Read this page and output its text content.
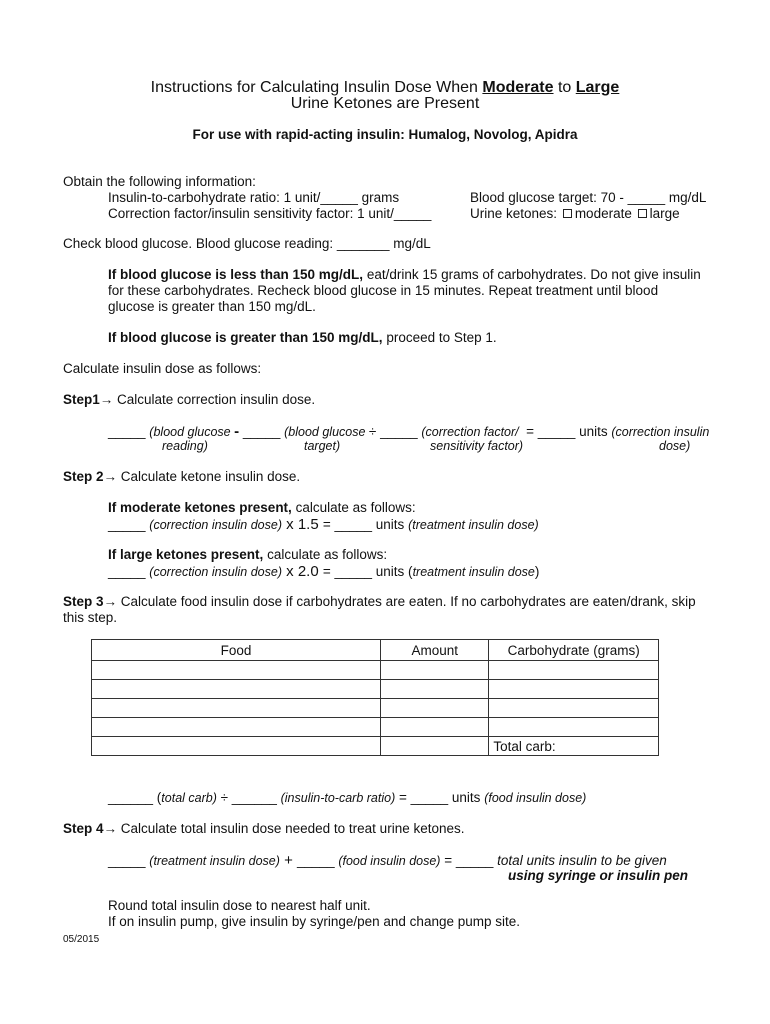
Instructions for Calculating Insulin Dose When Moderate to Large
Urine Ketones are Present
For use with rapid-acting insulin: Humalog, Novolog, Apidra
Obtain the following information:
Insulin-to-carbohydrate ratio: 1 unit/_____ grams
Correction factor/insulin sensitivity factor: 1 unit/_____
Blood glucose target: 70 - _____ mg/dL
Urine ketones: moderate large
Check blood glucose. Blood glucose reading: _______ mg/dL
If blood glucose is less than 150 mg/dL, eat/drink 15 grams of carbohydrates. Do not give insulin
for these carbohydrates. Recheck blood glucose in 15 minutes. Repeat treatment until blood
glucose is greater than 150 mg/dL.
If blood glucose is greater than 150 mg/dL, proceed to Step 1.
Calculate insulin dose as follows:
Step1→ Calculate correction insulin dose.
_____ (blood glucose - _____ (blood glucose ÷ _____ (correction factor/ = _____ units (correction insulin
reading)	target)	sensitivity factor)	dose)
Step 2→ Calculate ketone insulin dose.
If moderate ketones present, calculate as follows:
_____ (correction insulin dose) x 1.5 = _____ units (treatment insulin dose)
If large ketones present, calculate as follows:
_____ (correction insulin dose) x 2.0 = _____ units (treatment insulin dose)
Step 3→ Calculate food insulin dose if carbohydrates are eaten. If no carbohydrates are eaten/drank, skip
this step.
Food	Amount	Carbohydrate (grams)

		Total carb:
______ (total carb) ÷ ______ (insulin-to-carb ratio) = _____ units (food insulin dose)
Step 4→ Calculate total insulin dose needed to treat urine ketones.
_____ (treatment insulin dose) + _____ (food insulin dose) = _____ total units insulin to be given
using syringe or insulin pen
Round total insulin dose to nearest half unit.
If on insulin pump, give insulin by syringe/pen and change pump site.
05/2015
